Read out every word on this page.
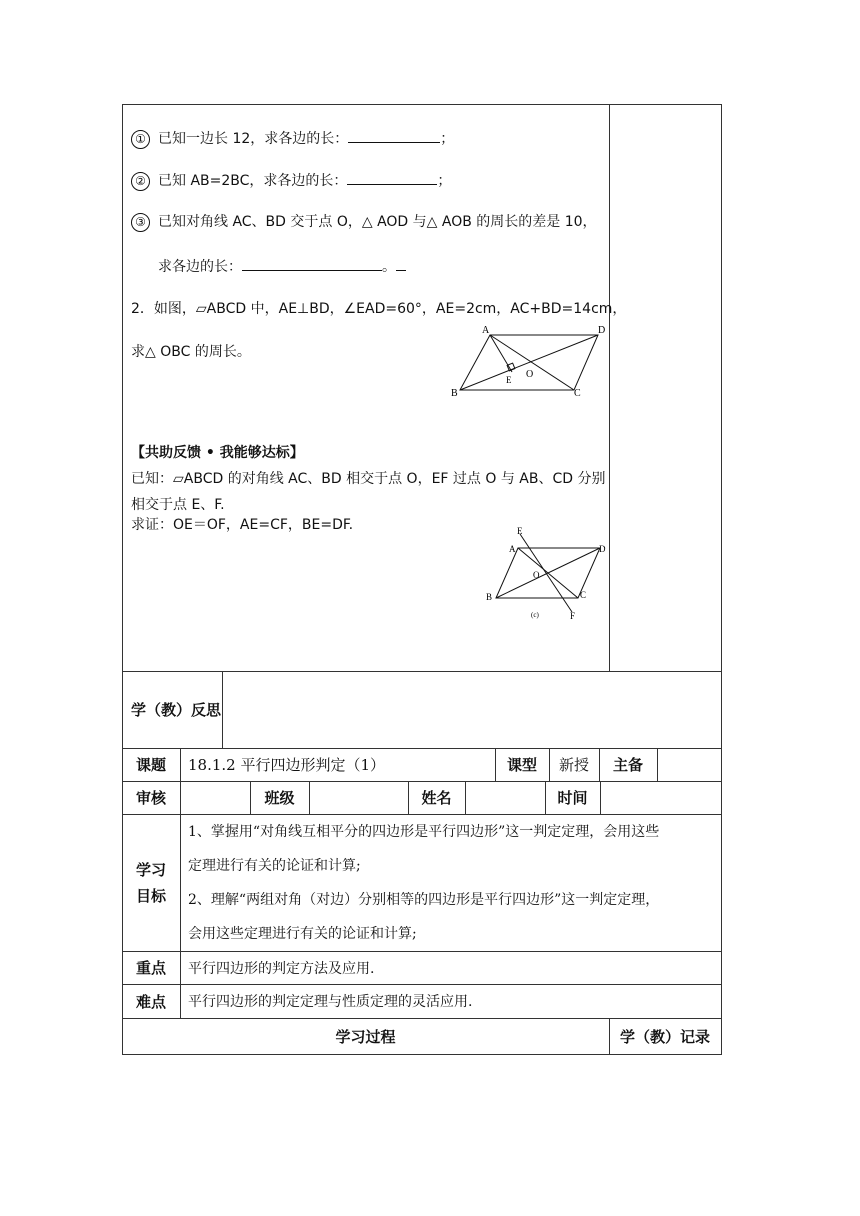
① 已知一边长 12，求各边的长：	；
② 已知 AB=2BC，求各边的长：	；
③ 已知对角线 AC、BD 交于点 O，△ AOD 与△ AOB 的周长的差是 10，
求各边的长：	。
2．如图，▱ABCD 中，AE⊥BD，∠EAD=60°，AE=2cm，AC+BD=14cm，
求△ OBC 的周长。
A	D
B	C
E O
【共助反馈 • 我能够达标】
已知：▱ABCD 的对角线 AC、BD 相交于点 O，EF 过点 O 与 AB、CD 分别
相交于点 E、F.
求证：OE＝OF，AE=CF，BE=DF.	E
A	D
O
B	C
F
(c)
学（教）反思
课题	18.1.2 平行四边形判定（1）	课型	新授	主备
审核	班级	姓名	时间
学习
目标
1、掌握用“对角线互相平分的四边形是平行四边形”这一判定定理，会用这些
定理进行有关的论证和计算;
2、理解“两组对角（对边）分别相等的四边形是平行四边形”这一判定定理，
会用这些定理进行有关的论证和计算;
重点	平行四边形的判定方法及应用.
难点	平行四边形的判定定理与性质定理的灵活应用.
学习过程	学（教）记录
